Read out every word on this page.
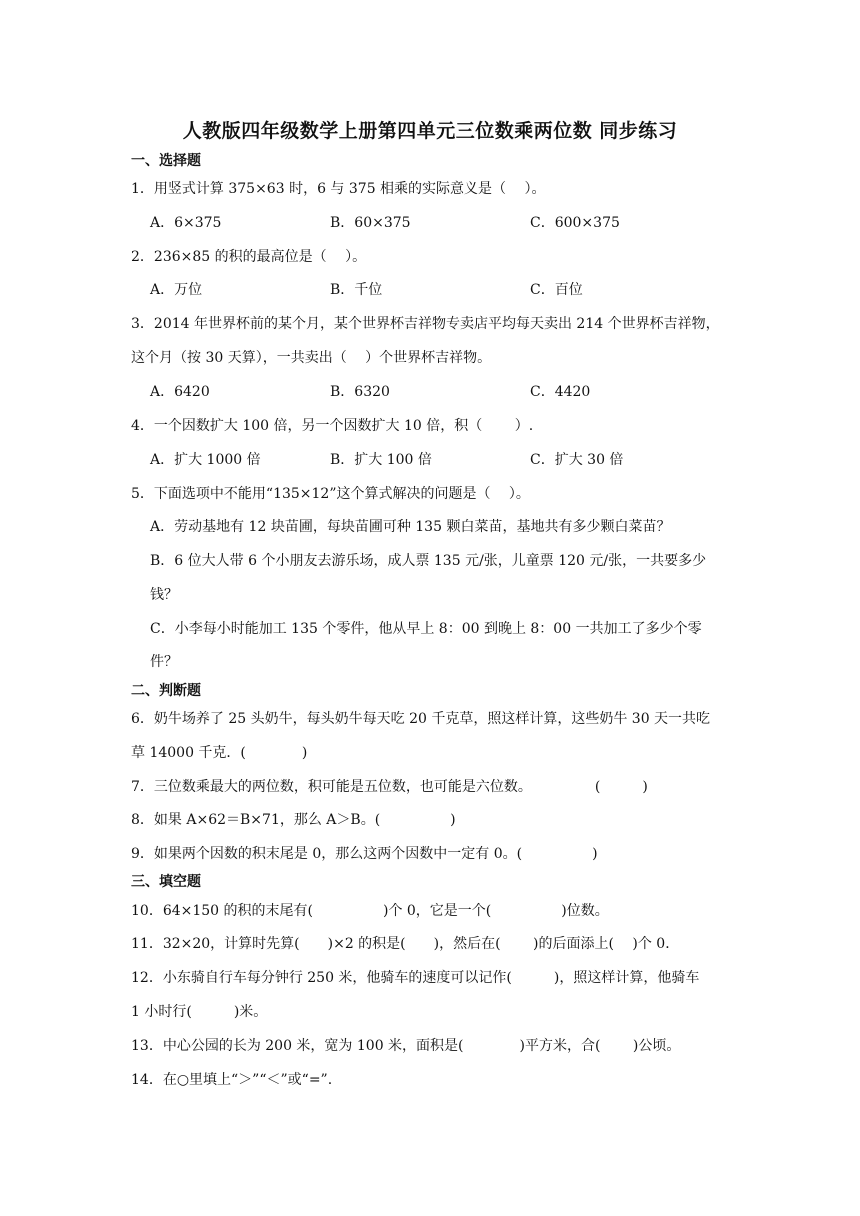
人教版四年级数学上册第四单元三位数乘两位数 同步练习
一、选择题
1．用竖式计算 375×63 时，6 与 375 相乘的实际意义是（　 ）。
A．6×375	B．60×375	C．600×375
2．236×85 的积的最高位是（　 ）。
A．万位	B．千位	C．百位
3．2014 年世界杯前的某个月，某个世界杯吉祥物专卖店平均每天卖出 214 个世界杯吉祥物，
这个月（按 30 天算），一共卖出（　 ）个世界杯吉祥物。
A．6420	B．6320	C．4420
4．一个因数扩大 100 倍，另一个因数扩大 10 倍，积（　　 ）.
A．扩大 1000 倍	B．扩大 100 倍	C．扩大 30 倍
5．下面选项中不能用“135×12”这个算式解决的问题是（　 ）。
A．劳动基地有 12 块苗圃，每块苗圃可种 135 颗白菜苗，基地共有多少颗白菜苗？
B．6 位大人带 6 个小朋友去游乐场，成人票 135 元/张，儿童票 120 元/张，一共要多少
钱？
C．小李每小时能加工 135 个零件，他从早上 8：00 到晚上 8：00 一共加工了多少个零
件？
二、判断题
6．奶牛场养了 25 头奶牛，每头奶牛每天吃 20 千克草，照这样计算，这些奶牛 30 天一共吃
草 14000 千克．(　　　　)
7．三位数乘最大的两位数，积可能是五位数，也可能是六位数。　　　　　(　　　)
8．如果 A×62＝B×71，那么 A＞B。(　　　　　)
9．如果两个因数的积末尾是 0，那么这两个因数中一定有 0。(　　　　　)
三、填空题
10．64×150 的积的末尾有(　　　　　)个 0，它是一个(　　　　　)位数。
11．32×20，计算时先算(　　)×2 的积是(　　)，然后在(　　 )的后面添上(　 )个 0．
12．小东骑自行车每分钟行 250 米，他骑车的速度可以记作(　　　)，照这样计算，他骑车
1 小时行(　　　)米。
13．中心公园的长为 200 米，宽为 100 米，面积是(　　　　)平方米，合(　　 )公顷。
14．在○里填上“＞”“＜”或“=”.
